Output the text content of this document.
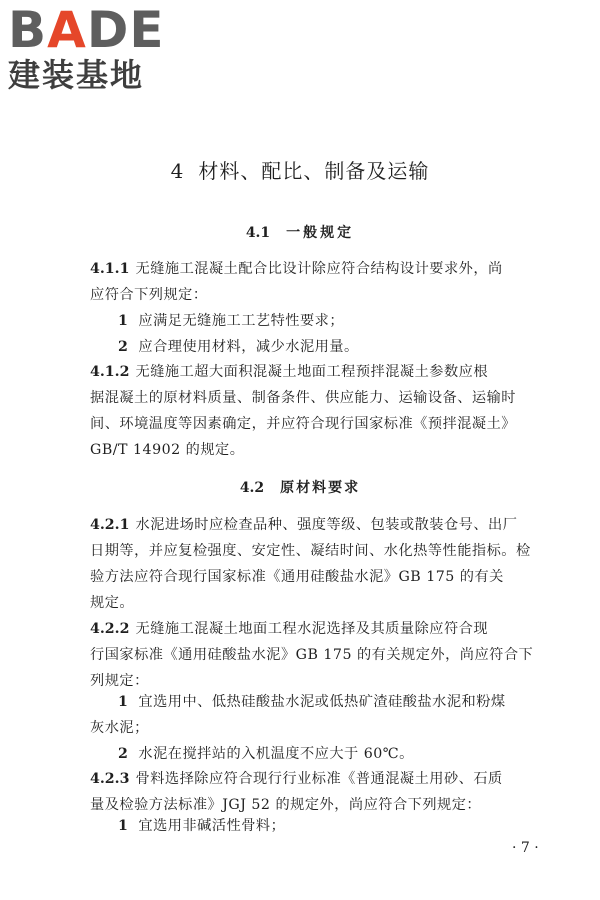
BADE
建装基地
4 材料、配比、制备及运输
4.1 一般规定
4.1.1 无缝施工混凝土配合比设计除应符合结构设计要求外，尚
应符合下列规定：
1 应满足无缝施工工艺特性要求；
2 应合理使用材料，减少水泥用量。
4.1.2 无缝施工超大面积混凝土地面工程预拌混凝土参数应根
据混凝土的原材料质量、制备条件、供应能力、运输设备、运输时
间、环境温度等因素确定，并应符合现行国家标准《预拌混凝土》
GB/T 14902 的规定。
4.2 原材料要求
4.2.1 水泥进场时应检查品种、强度等级、包装或散装仓号、出厂
日期等，并应复检强度、安定性、凝结时间、水化热等性能指标。检
验方法应符合现行国家标准《通用硅酸盐水泥》GB 175 的有关
规定。
4.2.2 无缝施工混凝土地面工程水泥选择及其质量除应符合现
行国家标准《通用硅酸盐水泥》GB 175 的有关规定外，尚应符合下
列规定：
1 宜选用中、低热硅酸盐水泥或低热矿渣硅酸盐水泥和粉煤
灰水泥；
2 水泥在搅拌站的入机温度不应大于 60℃。
4.2.3 骨料选择除应符合现行行业标准《普通混凝土用砂、石质
量及检验方法标准》JGJ 52 的规定外，尚应符合下列规定：
1 宜选用非碱活性骨料；
· 7 ·
